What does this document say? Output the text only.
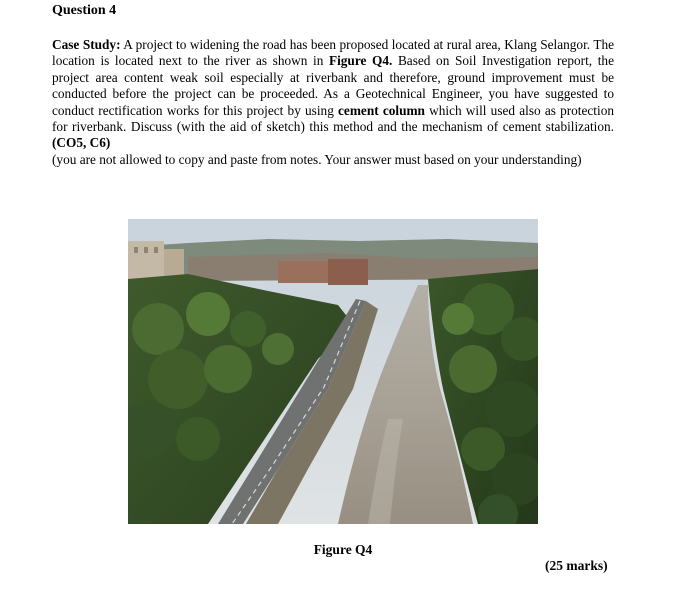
Question 4
Case Study: A project to widening the road has been proposed located at rural area, Klang Selangor. The location is located next to the river as shown in Figure Q4. Based on Soil Investigation report, the project area content weak soil especially at riverbank and therefore, ground improvement must be conducted before the project can be proceeded. As a Geotechnical Engineer, you have suggested to conduct rectification works for this project by using cement column which will used also as protection for riverbank. Discuss (with the aid of sketch) this method and the mechanism of cement stabilization. (CO5, C6)
(you are not allowed to copy and paste from notes. Your answer must based on your understanding)
Figure Q4
(25 marks)
